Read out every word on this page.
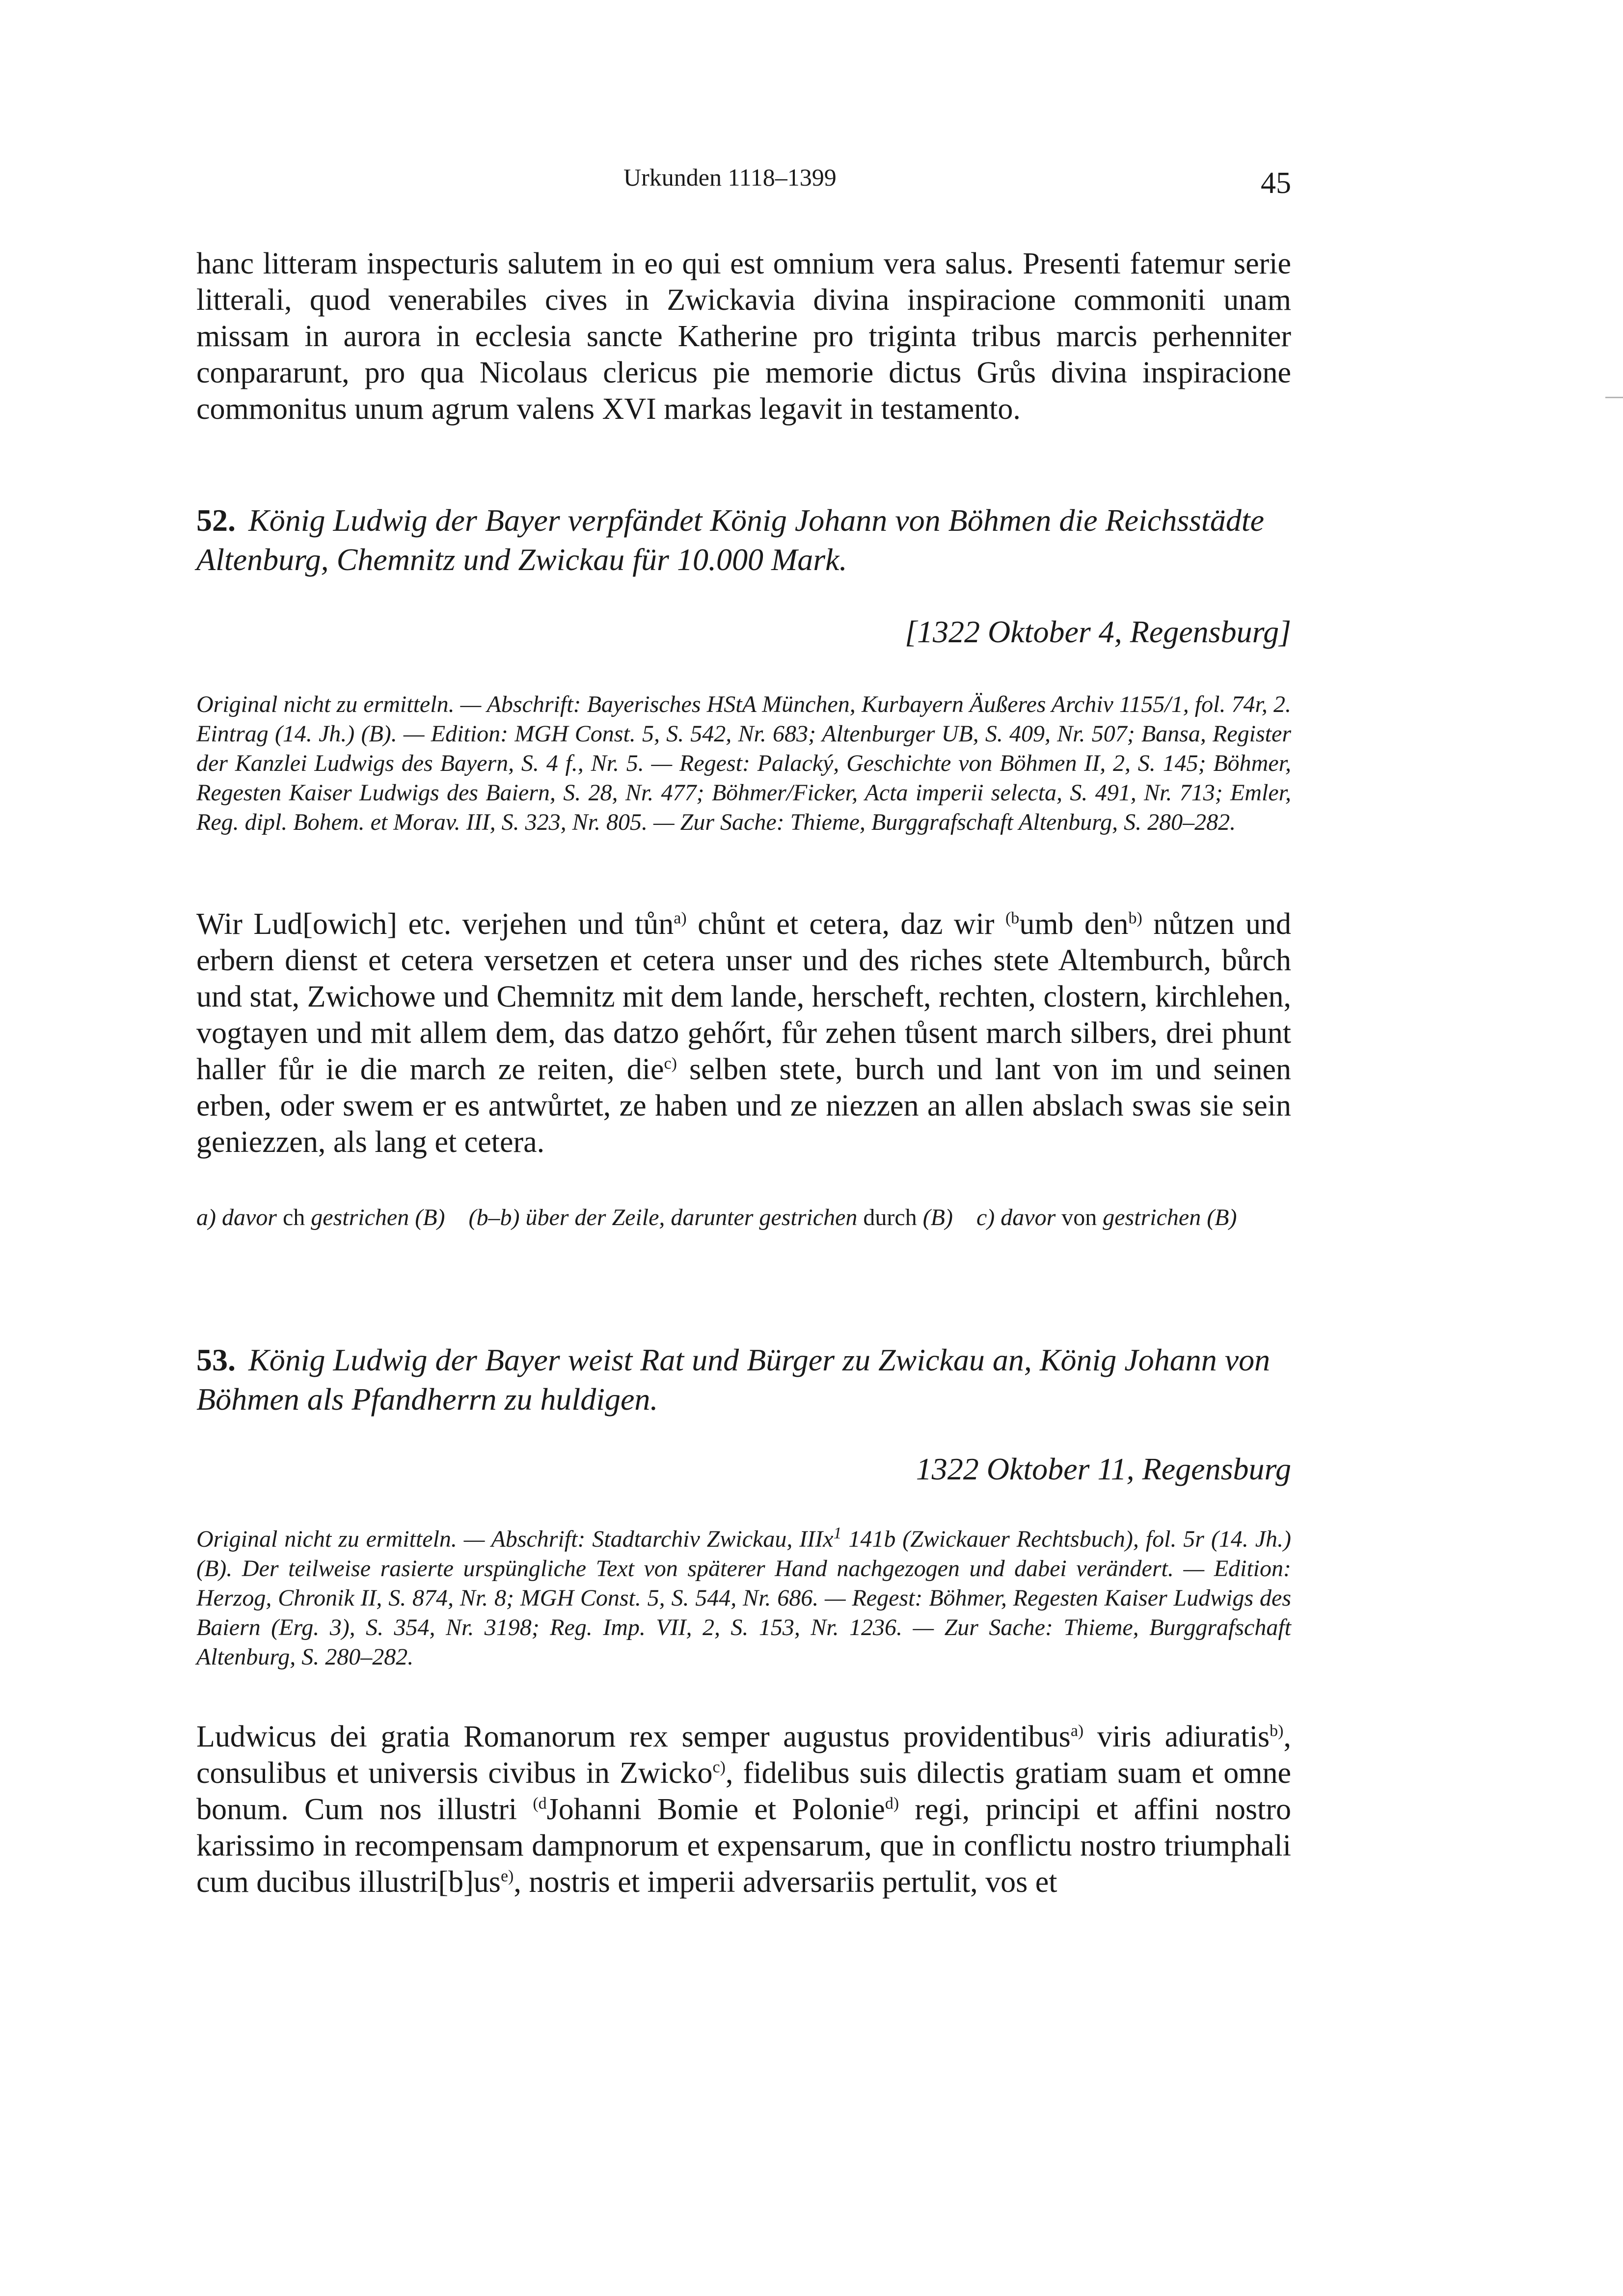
Urkunden 1118–1399	45

hanc litteram inspecturis salutem in eo qui est omnium vera salus. Presenti fatemur serie litterali, quod venerabiles cives in Zwickavia divina inspiracione commoniti unam missam in aurora in ecclesia sancte Katherine pro triginta tribus marcis perhenniter conpararunt, pro qua Nicolaus clericus pie memorie dictus Grůs divina inspiracione commonitus unum agrum valens XVI markas legavit in testamento.

52. König Ludwig der Bayer verpfändet König Johann von Böhmen die Reichsstädte Altenburg, Chemnitz und Zwickau für 10.000 Mark.
[1322 Oktober 4, Regensburg]
Original nicht zu ermitteln. — Abschrift: Bayerisches HStA München, Kurbayern Äußeres Archiv 1155/1, fol. 74r, 2. Eintrag (14. Jh.) (B). — Edition: MGH Const. 5, S. 542, Nr. 683; Altenburger UB, S. 409, Nr. 507; Bansa, Register der Kanzlei Ludwigs des Bayern, S. 4 f., Nr. 5. — Regest: Palacký, Geschichte von Böhmen II, 2, S. 145; Böhmer, Regesten Kaiser Ludwigs des Baiern, S. 28, Nr. 477; Böhmer/Ficker, Acta imperii selecta, S. 491, Nr. 713; Emler, Reg. dipl. Bohem. et Morav. III, S. 323, Nr. 805. — Zur Sache: Thieme, Burggrafschaft Altenburg, S. 280–282.

Wir Lud[owich] etc. verjehen und tůn$^{a)}$ chůnt et cetera, daz wir $^{(b}$umb den$^{b)}$ nůtzen und erbern dienst et cetera versetzen et cetera unser und des riches stete Altemburch, bůrch und stat, Zwichowe und Chemnitz mit dem lande, herscheft, rechten, clostern, kirchlehen, vogtayen und mit allem dem, das datzo gehőrt, fůr zehen tůsent march silbers, drei phunt haller fůr ie die march ze reiten, die$^{c)}$ selben stete, burch und lant von im und seinen erben, oder swem er es antwůrtet, ze haben und ze niezzen an allen abslach swas sie sein geniezzen, als lang et cetera.

a) davor ch gestrichen (B) (b–b) über der Zeile, darunter gestrichen durch (B) c) davor von gestrichen (B)
53. König Ludwig der Bayer weist Rat und Bürger zu Zwickau an, König Johann von Böhmen als Pfandherrn zu huldigen.
1322 Oktober 11, Regensburg
Original nicht zu ermitteln. — Abschrift: Stadtarchiv Zwickau, IIIx$^1$ 141b (Zwickauer Rechtsbuch), fol. 5r (14. Jh.) (B). Der teilweise rasierte urspüngliche Text von späterer Hand nachgezogen und dabei verändert. — Edition: Herzog, Chronik II, S. 874, Nr. 8; MGH Const. 5, S. 544, Nr. 686. — Regest: Böhmer, Regesten Kaiser Ludwigs des Baiern (Erg. 3), S. 354, Nr. 3198; Reg. Imp. VII, 2, S. 153, Nr. 1236. — Zur Sache: Thieme, Burggrafschaft Altenburg, S. 280–282.

Ludwicus dei gratia Romanorum rex semper augustus providentibus$^{a)}$ viris adiuratis$^{b)}$, consulibus et universis civibus in Zwicko$^{c)}$, fidelibus suis dilectis gratiam suam et omne bonum. Cum nos illustri $^{(d}$Johanni Bomie et Polonie$^{d)}$ regi, principi et affini nostro karissimo in recompensam dampnorum et expensarum, que in conflictu nostro triumphali cum ducibus $illustri[b]us^{e)}$, nostris et imperii adversariis pertulit, vos et
